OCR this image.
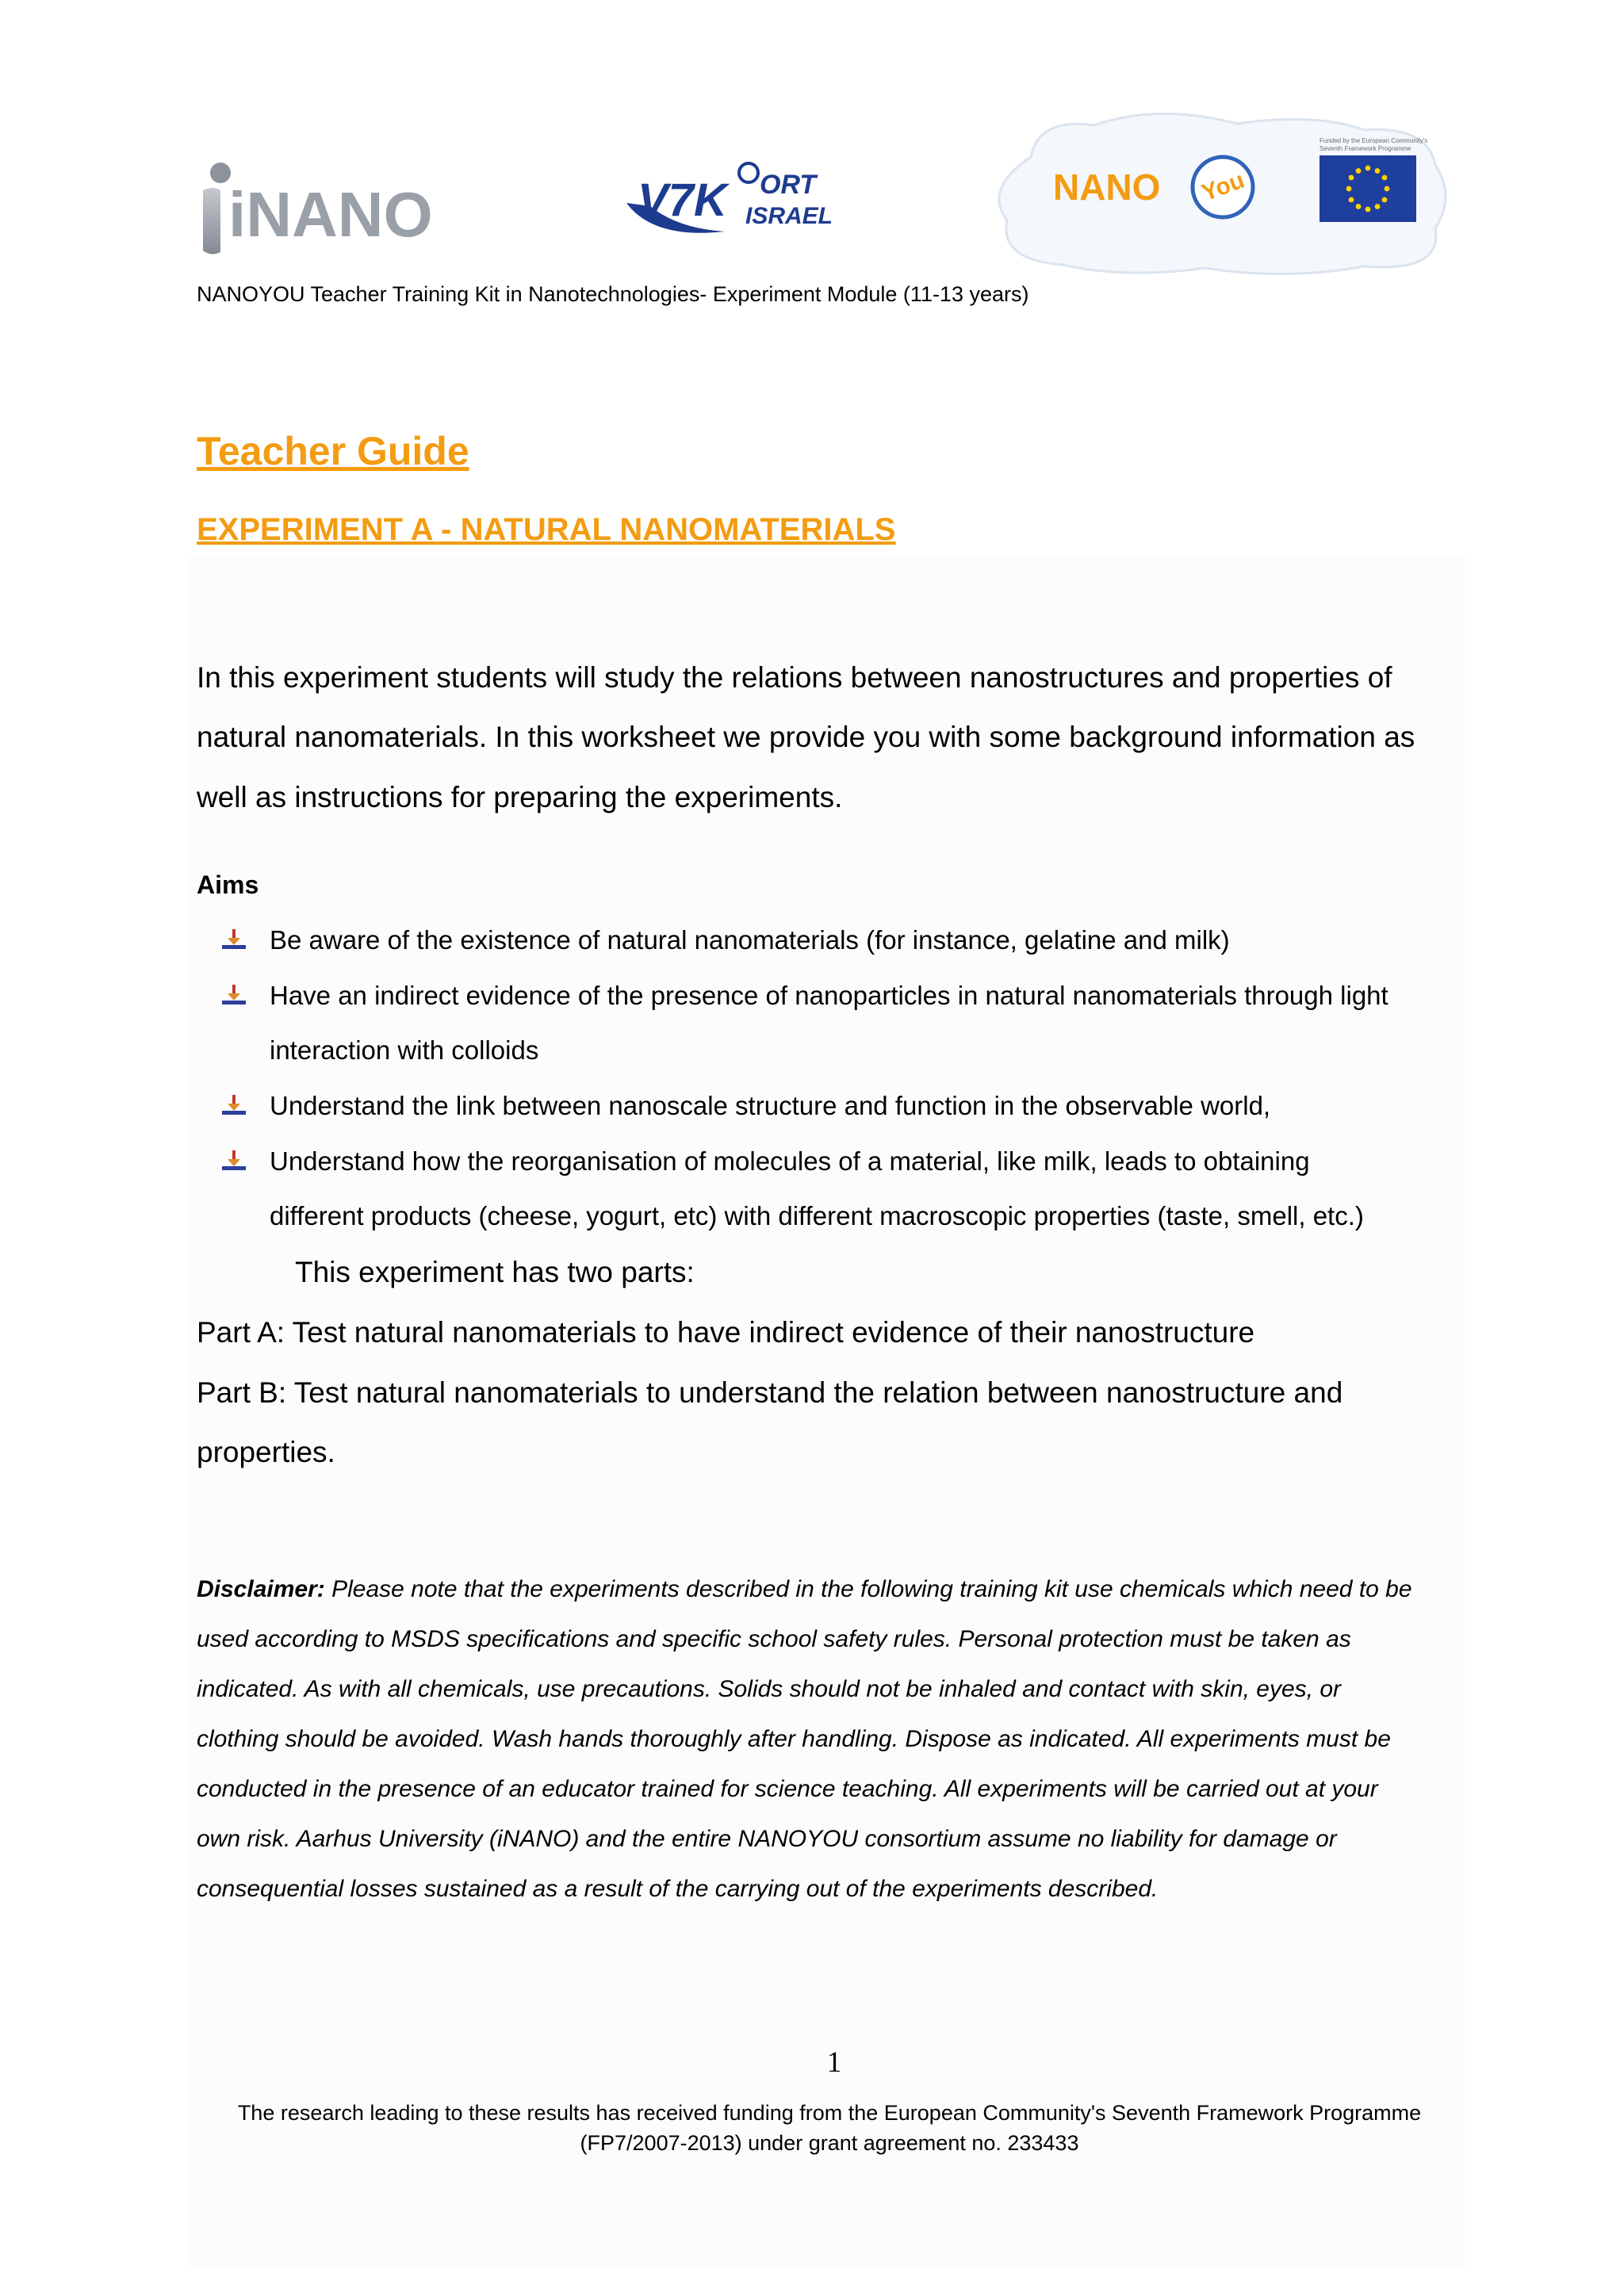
iNANO	V7K ORT
ISRAEL
NANO You
Funded by the European Community's
Seventh Framework Programme
NANOYOU Teacher Training Kit in Nanotechnologies- Experiment Module (11-13 years)
Teacher Guide
EXPERIMENT A - NATURAL NANOMATERIALS
In this experiment students will study the relations between nanostructures and properties of
natural nanomaterials. In this worksheet we provide you with some background information as
well as instructions for preparing the experiments.
Aims
Be aware of the existence of natural nanomaterials (for instance, gelatine and milk)
Have an indirect evidence of the presence of nanoparticles in natural nanomaterials through light
interaction with colloids
Understand the link between nanoscale structure and function in the observable world,
Understand how the reorganisation of molecules of a material, like milk, leads to obtaining
different products (cheese, yogurt, etc) with different macroscopic properties (taste, smell, etc.)
This experiment has two parts:
Part A: Test natural nanomaterials to have indirect evidence of their nanostructure
Part B: Test natural nanomaterials to understand the relation between nanostructure and
properties.
Disclaimer: Please note that the experiments described in the following training kit use chemicals which need to be
used according to MSDS specifications and specific school safety rules. Personal protection must be taken as
indicated. As with all chemicals, use precautions. Solids should not be inhaled and contact with skin, eyes, or
clothing should be avoided. Wash hands thoroughly after handling. Dispose as indicated. All experiments must be
conducted in the presence of an educator trained for science teaching. All experiments will be carried out at your
own risk. Aarhus University (iNANO) and the entire NANOYOU consortium assume no liability for damage or
consequential losses sustained as a result of the carrying out of the experiments described.
1
The research leading to these results has received funding from the European Community's Seventh Framework Programme
(FP7/2007-2013) under grant agreement no. 233433
